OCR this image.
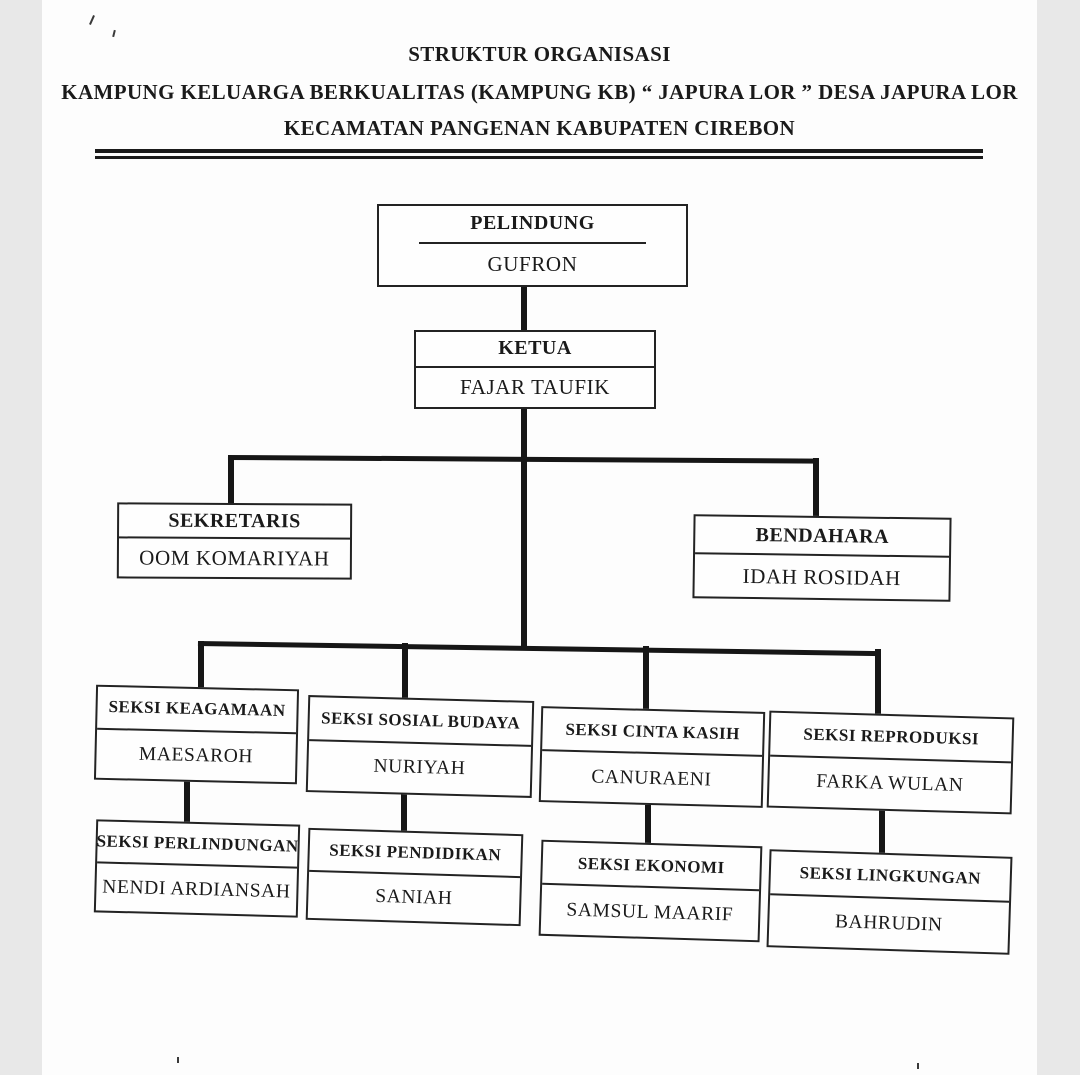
STRUKTUR ORGANISASI
KAMPUNG KELUARGA BERKUALITAS (KAMPUNG KB) “ JAPURA LOR ” DESA JAPURA LOR
KECAMATAN PANGENAN KABUPATEN CIREBON
PELINDUNG
GUFRON
KETUA
FAJAR TAUFIK
SEKRETARIS
OOM KOMARIYAH
BENDAHARA
IDAH ROSIDAH
SEKSI KEAGAMAAN
MAESAROH
SEKSI SOSIAL BUDAYA
NURIYAH
SEKSI CINTA KASIH
CANURAENI
SEKSI REPRODUKSI
FARKA WULAN
SEKSI PERLINDUNGAN
NENDI ARDIANSAH
SEKSI PENDIDIKAN
SANIAH
SEKSI EKONOMI
SAMSUL MAARIF
SEKSI LINGKUNGAN
BAHRUDIN
